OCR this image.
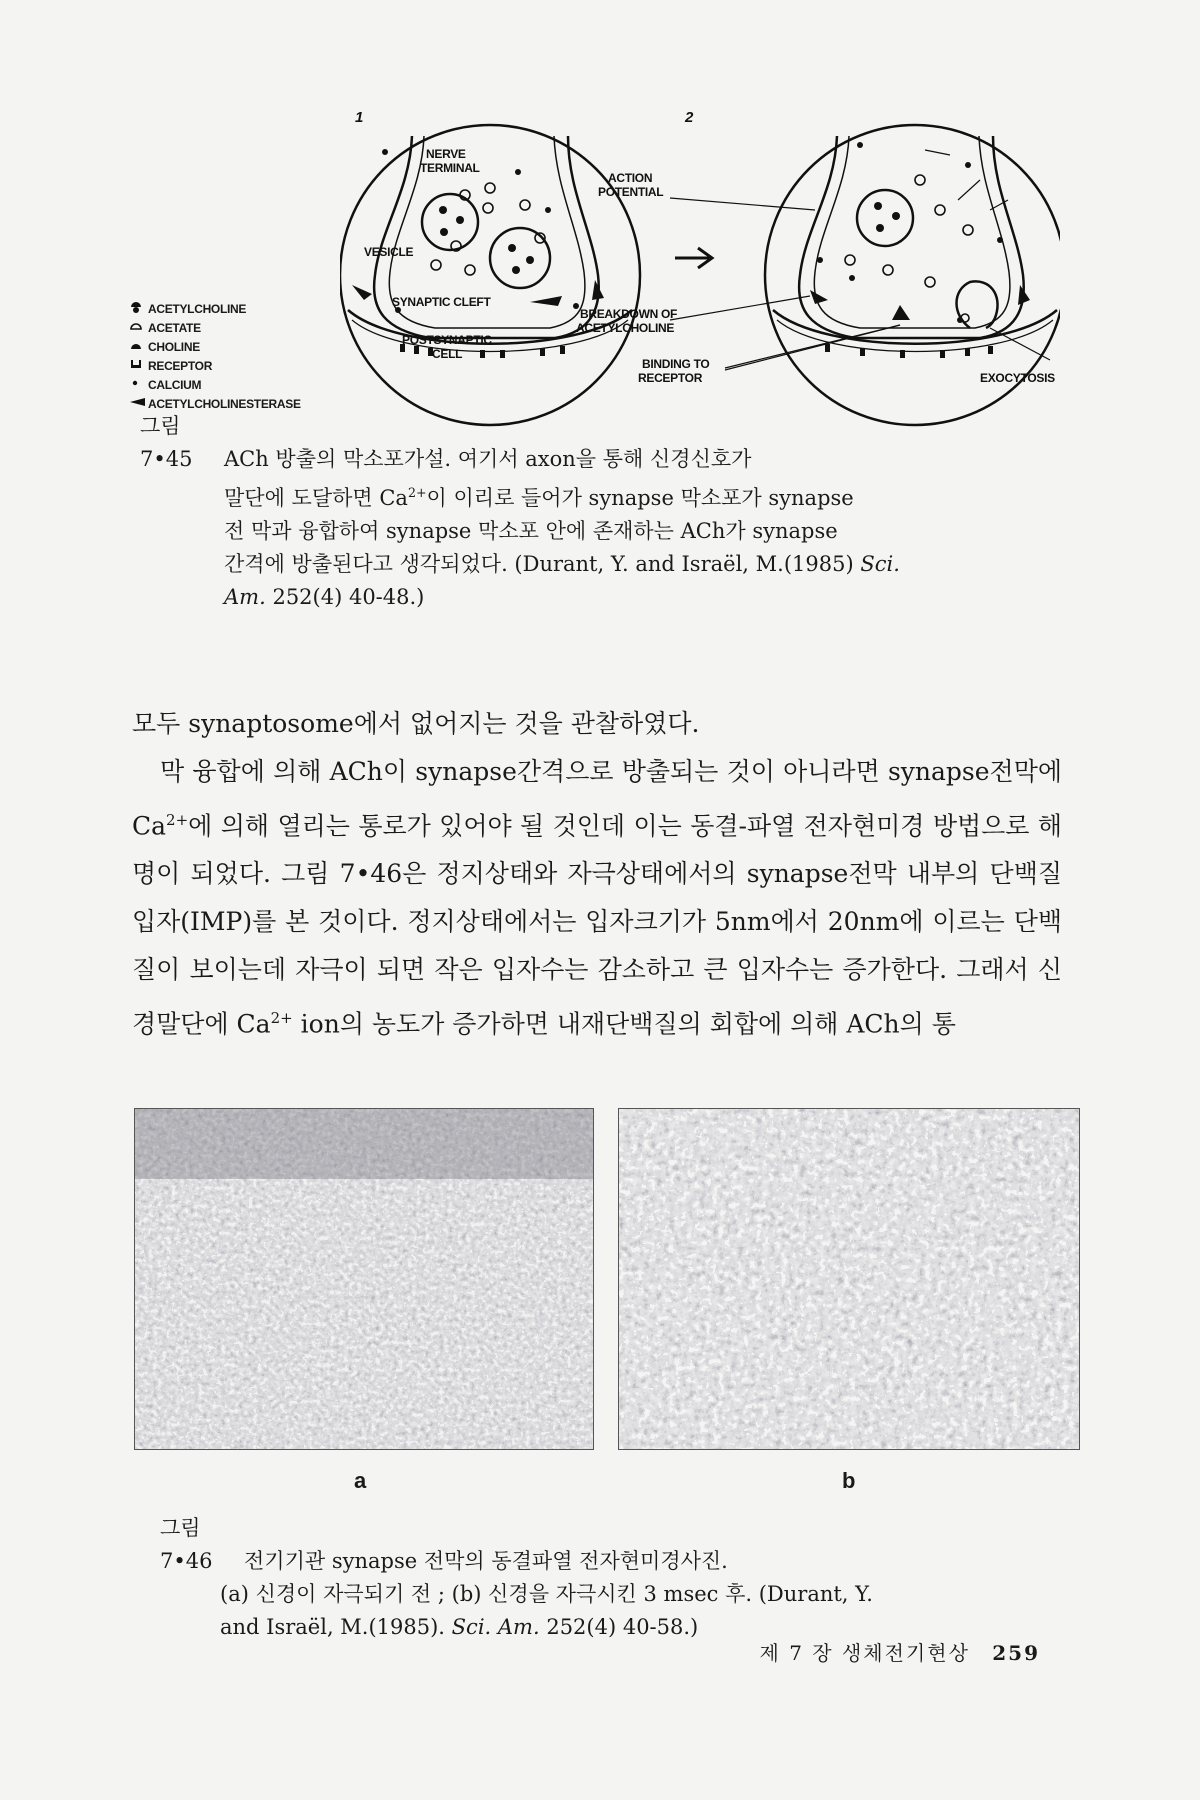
ACETYLCHOLINE
ACETATE
CHOLINE
RECEPTOR
CALCIUM
ACETYLCHOLINESTERASE
1	2
NERVE
TERMINAL
VESICLE
SYNAPTIC CLEFT
POSTSYNAPTIC
CELL
ACTION
POTENTIAL
BREAKDOWN OF
ACETYLCHOLINE
BINDING TO
RECEPTOR	EXOCYTOSIS
그림 7•45 ACh 방출의 막소포가설. 여기서 axon을 통해 신경신호가
말단에 도달하면 $Ca^{2+}$이 이리로 들어가 synapse 막소포가 synapse
전 막과 융합하여 synapse 막소포 안에 존재하는 ACh가 synapse
간격에 방출된다고 생각되었다. (Durant, Y. and Israël, M.(1985) Sci.
Am. 252(4) 40-48.)

모두 synaptosome에서 없어지는 것을 관찰하였다.

막 융합에 의해 ACh이 synapse간격으로 방출되는 것이 아니라면 synapse전막에 $Ca^{2+}$에 의해 열리는 통로가 있어야 될 것인데 이는 동결-파열 전자현미경 방법으로 해명이 되었다. 그림 7•46은 정지상태와 자극상태에서의 synapse전막 내부의 단백질입자(IMP)를 본 것이다. 정지상태에서는 입자크기가 5nm에서 20nm에 이르는 단백질이 보이는데 자극이 되면 작은 입자수는 감소하고 큰 입자수는 증가한다. 그래서 신경말단에 $Ca^{2+}$ ion의 농도가 증가하면 내재단백질의 회합에 의해 ACh의 통

a	b
그림 7•46 전기기관 synapse 전막의 동결파열 전자현미경사진.
(a) 신경이 자극되기 전 ; (b) 신경을 자극시킨 3 msec 후. (Durant, Y.
and Israël, M.(1985). Sci. Am. 252(4) 40-58.)
제 7 장 생체전기현상 259
